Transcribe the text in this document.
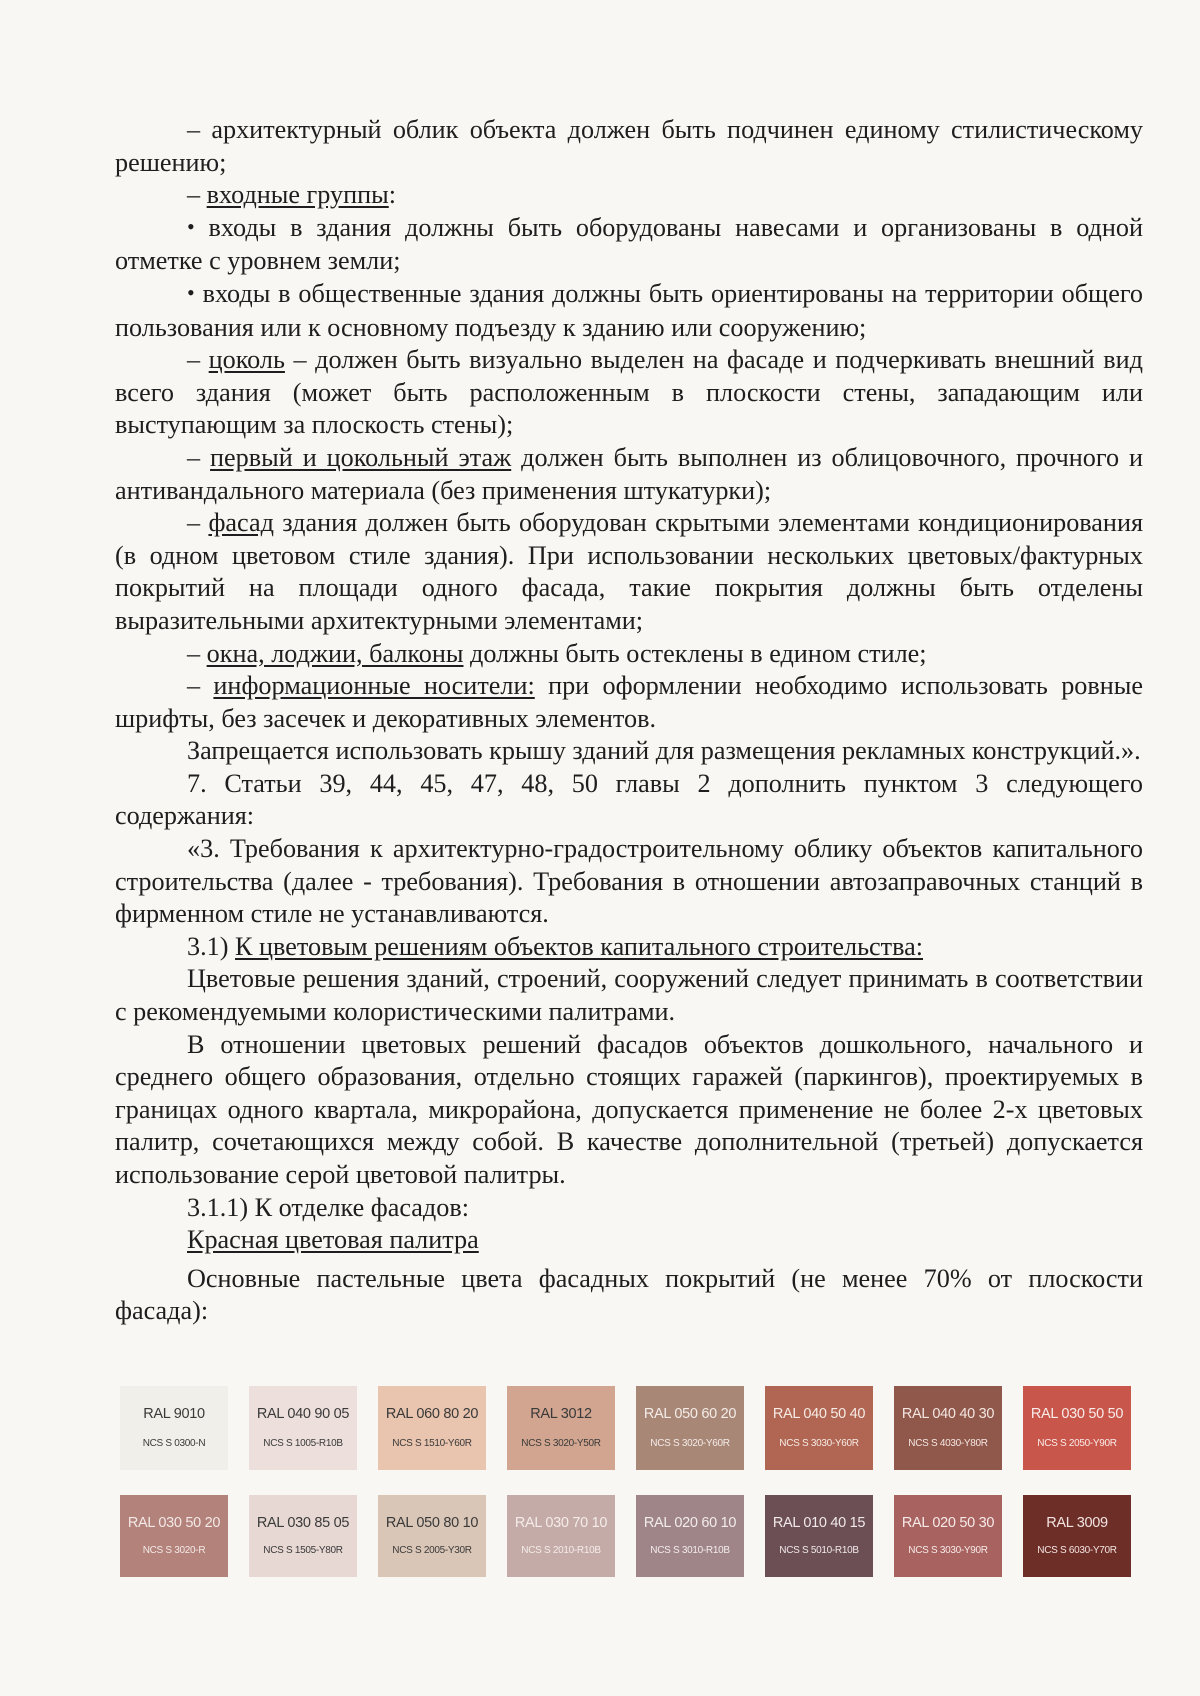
– архитектурный облик объекта должен быть подчинен единому стилистическому решению;

– входные группы:

• входы в здания должны быть оборудованы навесами и организованы в одной отметке с уровнем земли;

• входы в общественные здания должны быть ориентированы на территории общего пользования или к основному подъезду к зданию или сооружению;

– цоколь – должен быть визуально выделен на фасаде и подчеркивать внешний вид всего здания (может быть расположенным в плоскости стены, западающим или выступающим за плоскость стены);

– первый и цокольный этаж должен быть выполнен из облицовочного, прочного и антивандального материала (без применения штукатурки);

– фасад здания должен быть оборудован скрытыми элементами кондиционирования (в одном цветовом стиле здания). При использовании нескольких цветовых/фактурных покрытий на площади одного фасада, такие покрытия должны быть отделены выразительными архитектурными элементами;

– окна, лоджии, балконы должны быть остеклены в едином стиле;

– информационные носители: при оформлении необходимо использовать ровные шрифты, без засечек и декоративных элементов.

Запрещается использовать крышу зданий для размещения рекламных конструкций.».

7. Статьи 39, 44, 45, 47, 48, 50 главы 2 дополнить пунктом 3 следующего содержания:

«3. Требования к архитектурно-градостроительному облику объектов капитального строительства (далее - требования). Требования в отношении автозаправочных станций в фирменном стиле не устанавливаются.

3.1) К цветовым решениям объектов капитального строительства:

Цветовые решения зданий, строений, сооружений следует принимать в соответствии с рекомендуемыми колористическими палитрами.

В отношении цветовых решений фасадов объектов дошкольного, начального и среднего общего образования, отдельно стоящих гаражей (паркингов), проектируемых в границах одного квартала, микрорайона, допускается применение не более 2-х цветовых палитр, сочетающихся между собой. В качестве дополнительной (третьей) допускается использование серой цветовой палитры.

3.1.1) К отделке фасадов:

Красная цветовая палитра

Основные пастельные цвета фасадных покрытий (не менее 70% от плоскости фасада):

RAL 9010
NCS S 0300-N
RAL 040 90 05
NCS S 1005-R10B
RAL 060 80 20
NCS S 1510-Y60R
RAL 3012
NCS S 3020-Y50R
RAL 050 60 20
NCS S 3020-Y60R
RAL 040 50 40
NCS S 3030-Y60R
RAL 040 40 30
NCS S 4030-Y80R
RAL 030 50 50
NCS S 2050-Y90R
RAL 030 50 20
NCS S 3020-R
RAL 030 85 05
NCS S 1505-Y80R
RAL 050 80 10
NCS S 2005-Y30R
RAL 030 70 10
NCS S 2010-R10B
RAL 020 60 10
NCS S 3010-R10B
RAL 010 40 15
NCS S 5010-R10B
RAL 020 50 30
NCS S 3030-Y90R
RAL 3009
NCS S 6030-Y70R
